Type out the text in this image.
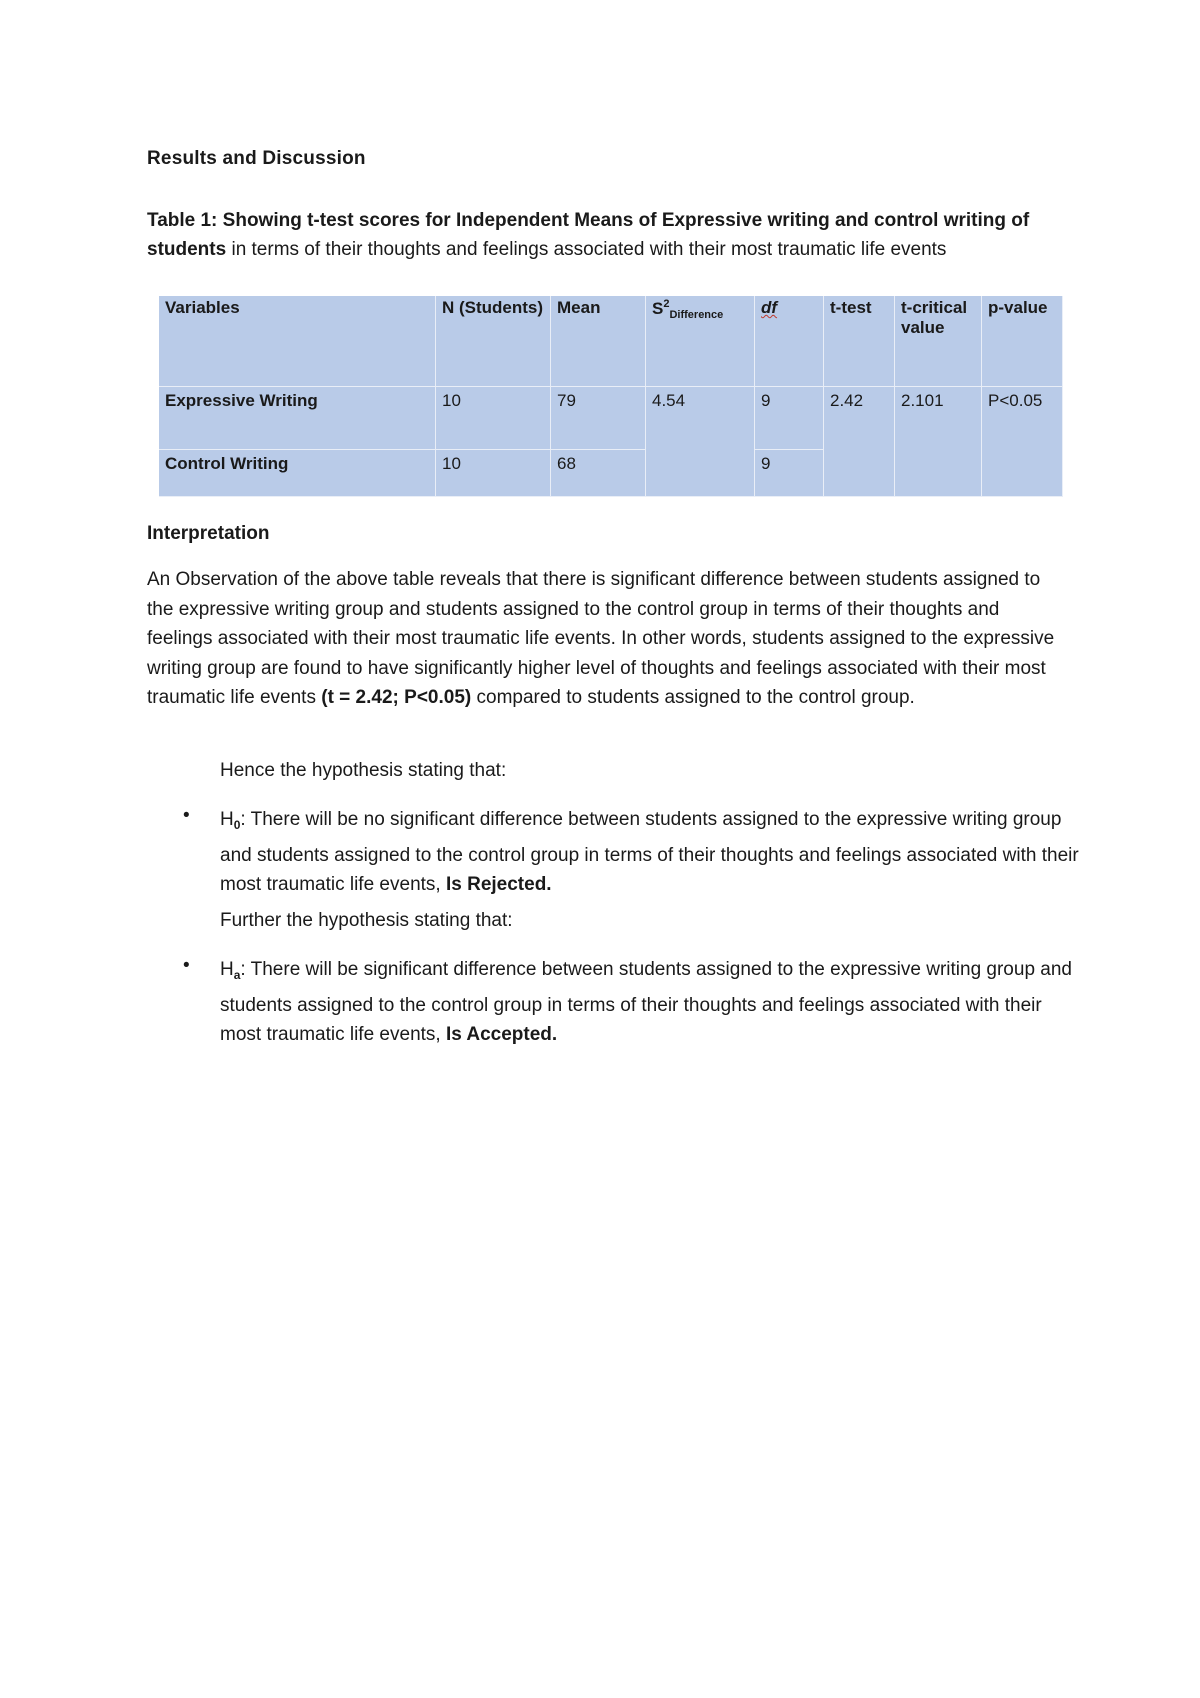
Results and Discussion
Table 1: Showing t-test scores for Independent Means of Expressive writing and control writing of students in terms of their thoughts and feelings associated with their most traumatic life events
Variables	N (Students)	Mean	$S^2_{Difference}$	df	t-test	t-critical value	p-value
Expressive Writing	10	79	4.54	9	2.42	2.101	P<0.05
Control Writing	10	68		9			
Interpretation
An Observation of the above table reveals that there is significant difference between students assigned to the expressive writing group and students assigned to the control group in terms of their thoughts and feelings associated with their most traumatic life events. In other words, students assigned to the expressive writing group are found to have significantly higher level of thoughts and feelings associated with their most traumatic life events (t = 2.42; P<0.05) compared to students assigned to the control group.
Hence the hypothesis stating that:
• $H_0$: There will be no significant difference between students assigned to the expressive writing group and students assigned to the control group in terms of their thoughts and feelings associated with their most traumatic life events, Is Rejected.
Further the hypothesis stating that:
• $H_a$: There will be significant difference between students assigned to the expressive writing group and students assigned to the control group in terms of their thoughts and feelings associated with their most traumatic life events, Is Accepted.
